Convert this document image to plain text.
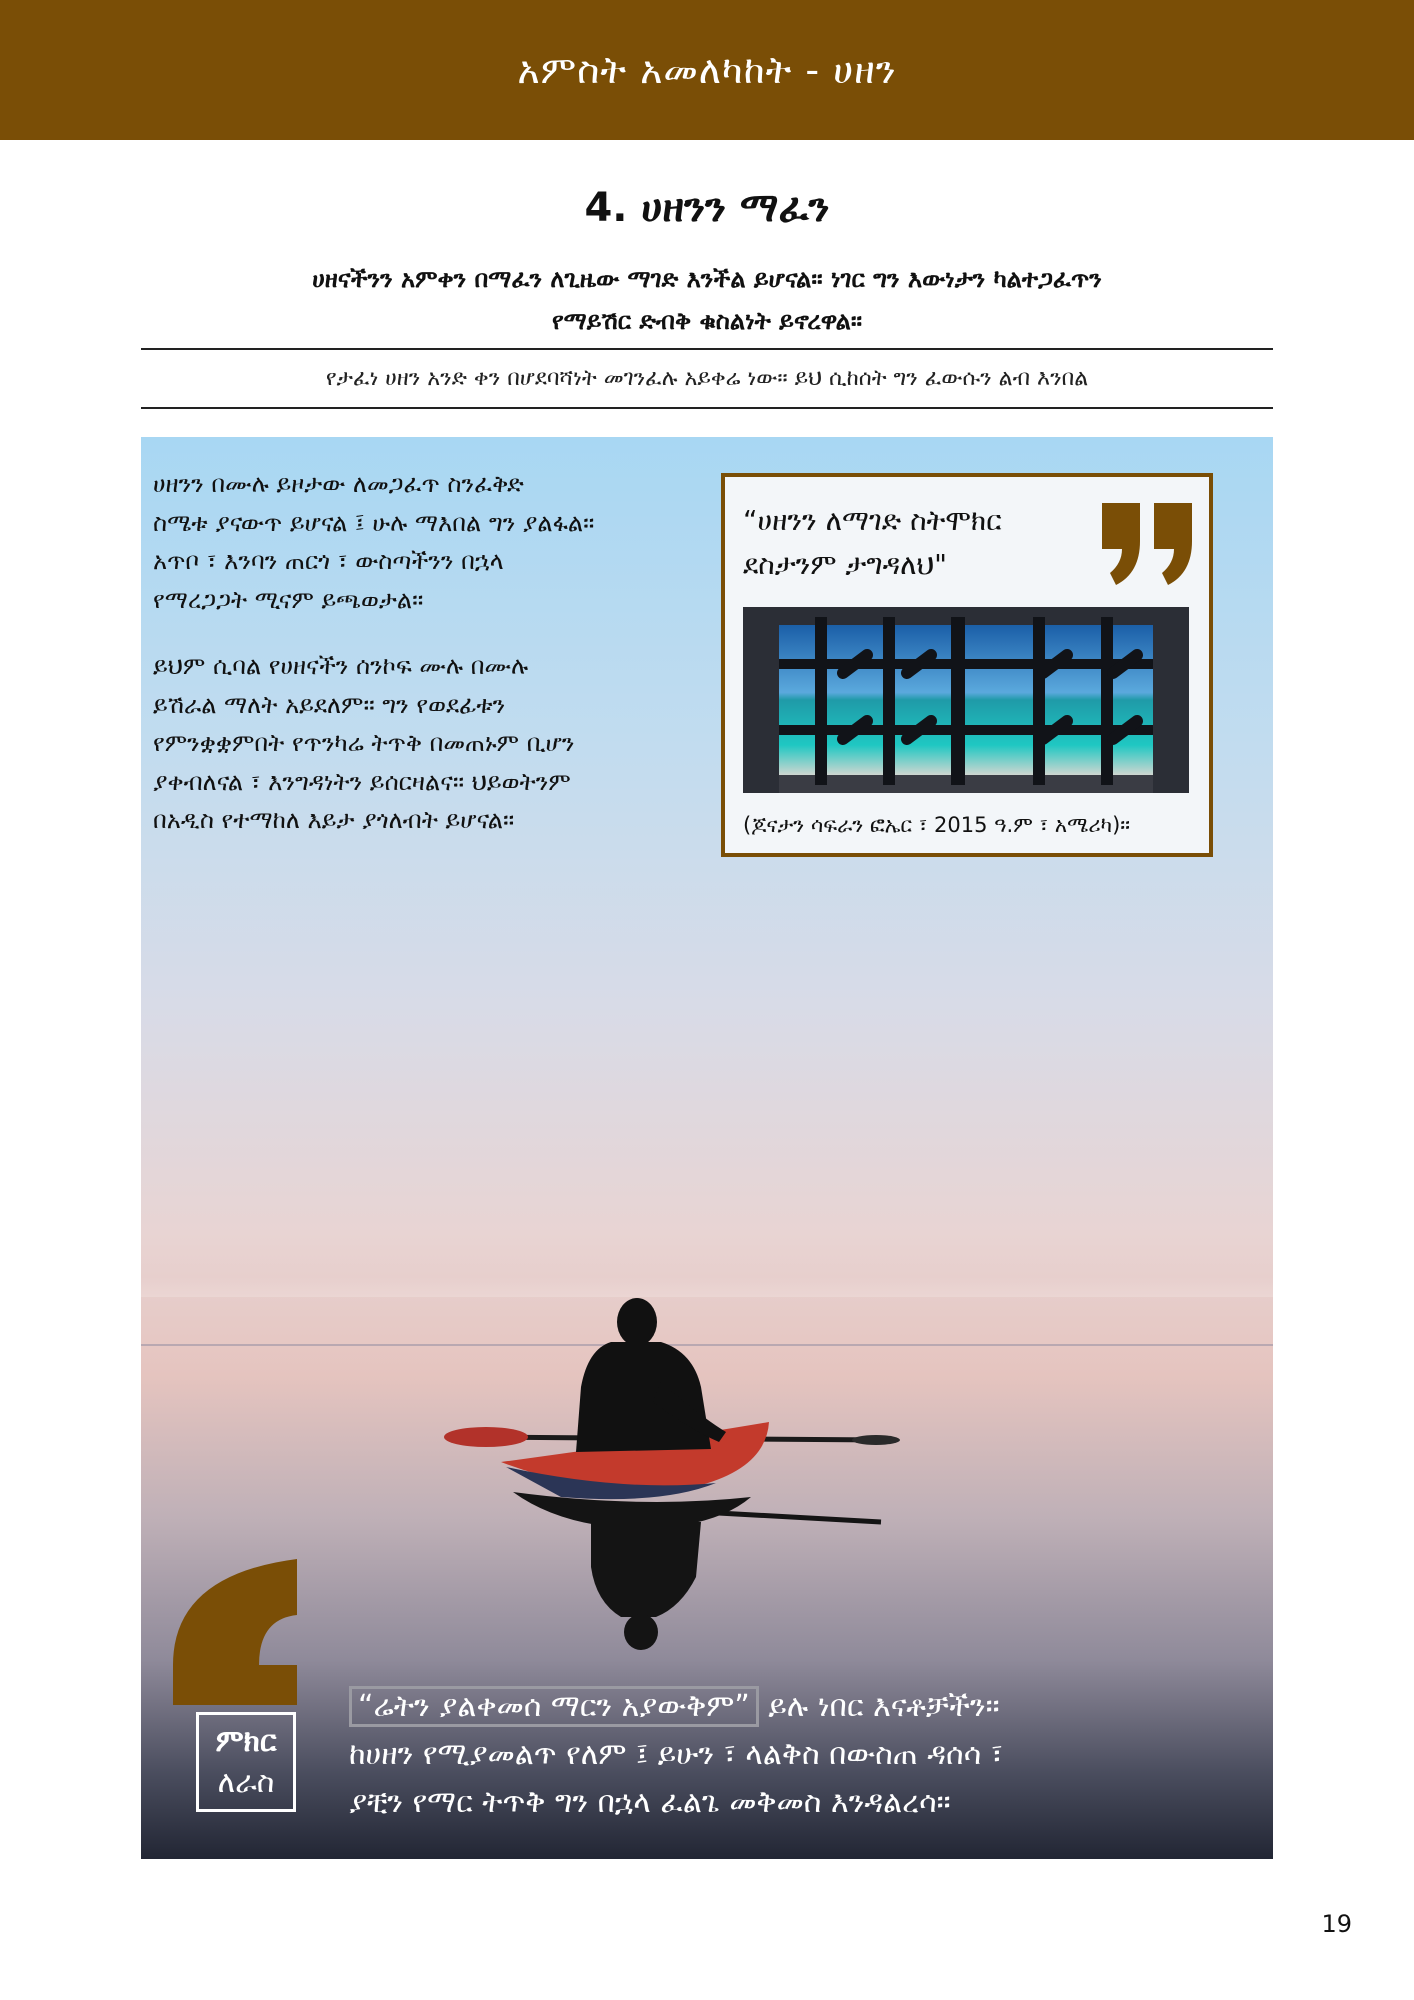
አምስት አመለካከት - ሀዘን
4. ሀዘንን ማፈን
ሀዘናችንን አምቀን በማፈን ለጊዜው ማገድ እንችል ይሆናል። ነገር ግን እውነታን ካልተጋፈጥን
የማይሽር ድብቅ ቁስልነት ይኖረዋል።
የታፈነ ሀዘን አንድ ቀን በሆደባሻነት መገንፈሉ አይቀሬ ነው። ይህ ሲከሰት ግን ፈውሱን ልብ እንበል

ሀዘንን በሙሉ ይዞታው ለመጋፈጥ ስንፈቅድ
ስሜቱ ያናውጥ ይሆናል ፤ ሁሉ ማእበል ግን ያልፋል።
አጥቦ ፣ እንባን ጠርጎ ፣ ውስጣችንን በኋላ
የማረጋጋት ሚናም ይጫወታል።

ይህም ሲባል የሀዘናችን ሰንኮፍ ሙሉ በሙሉ
ይሽራል ማለት አይደለም። ግን የወደፊቱን
የምንቋቋምበት የጥንካሬ ትጥቅ በመጠኑም ቢሆን
ያቀብለናል ፣ እንግዳነትን ይሰርዛልና። ህይወትንም
በአዲስ የተማከለ እይታ ያጎለብት ይሆናል።

“ሀዘንን ለማገድ ስትሞክር
ደስታንም ታግዳለህ"
(ጆናታን ሳፍራን ፎኤር ፣ 2015 ዓ.ም ፣ አሜሪካ)።
ምክር
ለራስ
“ሬትን ያልቀመሰ ማርን አያውቅም” ይሉ ነበር እናቶቻችን።
ከሀዘን የሚያመልጥ የለም ፤ ይሁን ፣ ላልቅስ በውስጠ ዳሰሳ ፣
ያቺን የማር ትጥቅ ግን በኋላ ፈልጌ መቅመስ እንዳልረሳ።
19
